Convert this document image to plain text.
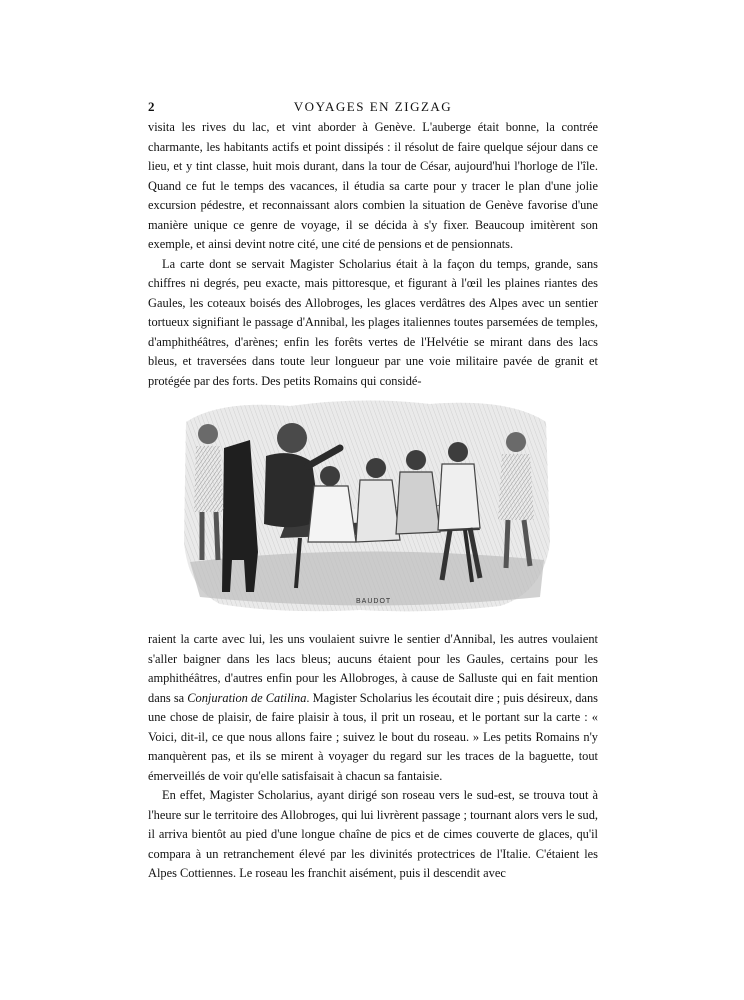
2	VOYAGES EN ZIGZAG

visita les rives du lac, et vint aborder à Genève. L'auberge était bonne, la contrée charmante, les habitants actifs et point dissipés : il résolut de faire quelque séjour dans ce lieu, et y tint classe, huit mois durant, dans la tour de César, aujourd'hui l'horloge de l'île. Quand ce fut le temps des vacances, il étudia sa carte pour y tracer le plan d'une jolie excursion pédestre, et reconnaissant alors combien la situation de Genève favorise d'une manière unique ce genre de voyage, il se décida à s'y fixer. Beaucoup imitèrent son exemple, et ainsi devint notre cité, une cité de pensions et de pensionnats.

La carte dont se servait Magister Scholarius était à la façon du temps, grande, sans chiffres ni degrés, peu exacte, mais pittoresque, et figurant à l'œil les plaines riantes des Gaules, les coteaux boisés des Allobroges, les glaces verdâtres des Alpes avec un sentier tortueux signifiant le passage d'Annibal, les plages italiennes toutes parsemées de temples, d'amphithéâtres, d'arènes; enfin les forêts vertes de l'Helvétie se mirant dans des lacs bleus, et traversées dans toute leur longueur par une voie militaire pavée de granit et protégée par des forts. Des petits Romains qui considé-

BAUDOT

raient la carte avec lui, les uns voulaient suivre le sentier d'Annibal, les autres voulaient s'aller baigner dans les lacs bleus; aucuns étaient pour les Gaules, certains pour les amphithéâtres, d'autres enfin pour les Allobroges, à cause de Salluste qui en fait mention dans sa Conjuration de Catilina. Magister Scholarius les écoutait dire ; puis désireux, dans une chose de plaisir, de faire plaisir à tous, il prit un roseau, et le portant sur la carte : « Voici, dit-il, ce que nous allons faire ; suivez le bout du roseau. » Les petits Romains n'y manquèrent pas, et ils se mirent à voyager du regard sur les traces de la baguette, tout émerveillés de voir qu'elle satisfaisait à chacun sa fantaisie.

En effet, Magister Scholarius, ayant dirigé son roseau vers le sud-est, se trouva tout à l'heure sur le territoire des Allobroges, qui lui livrèrent passage ; tournant alors vers le sud, il arriva bientôt au pied d'une longue chaîne de pics et de cimes couverte de glaces, qu'il compara à un retranchement élevé par les divinités protectrices de l'Italie. C'étaient les Alpes Cottiennes. Le roseau les franchit aisément, puis il descendit avec
